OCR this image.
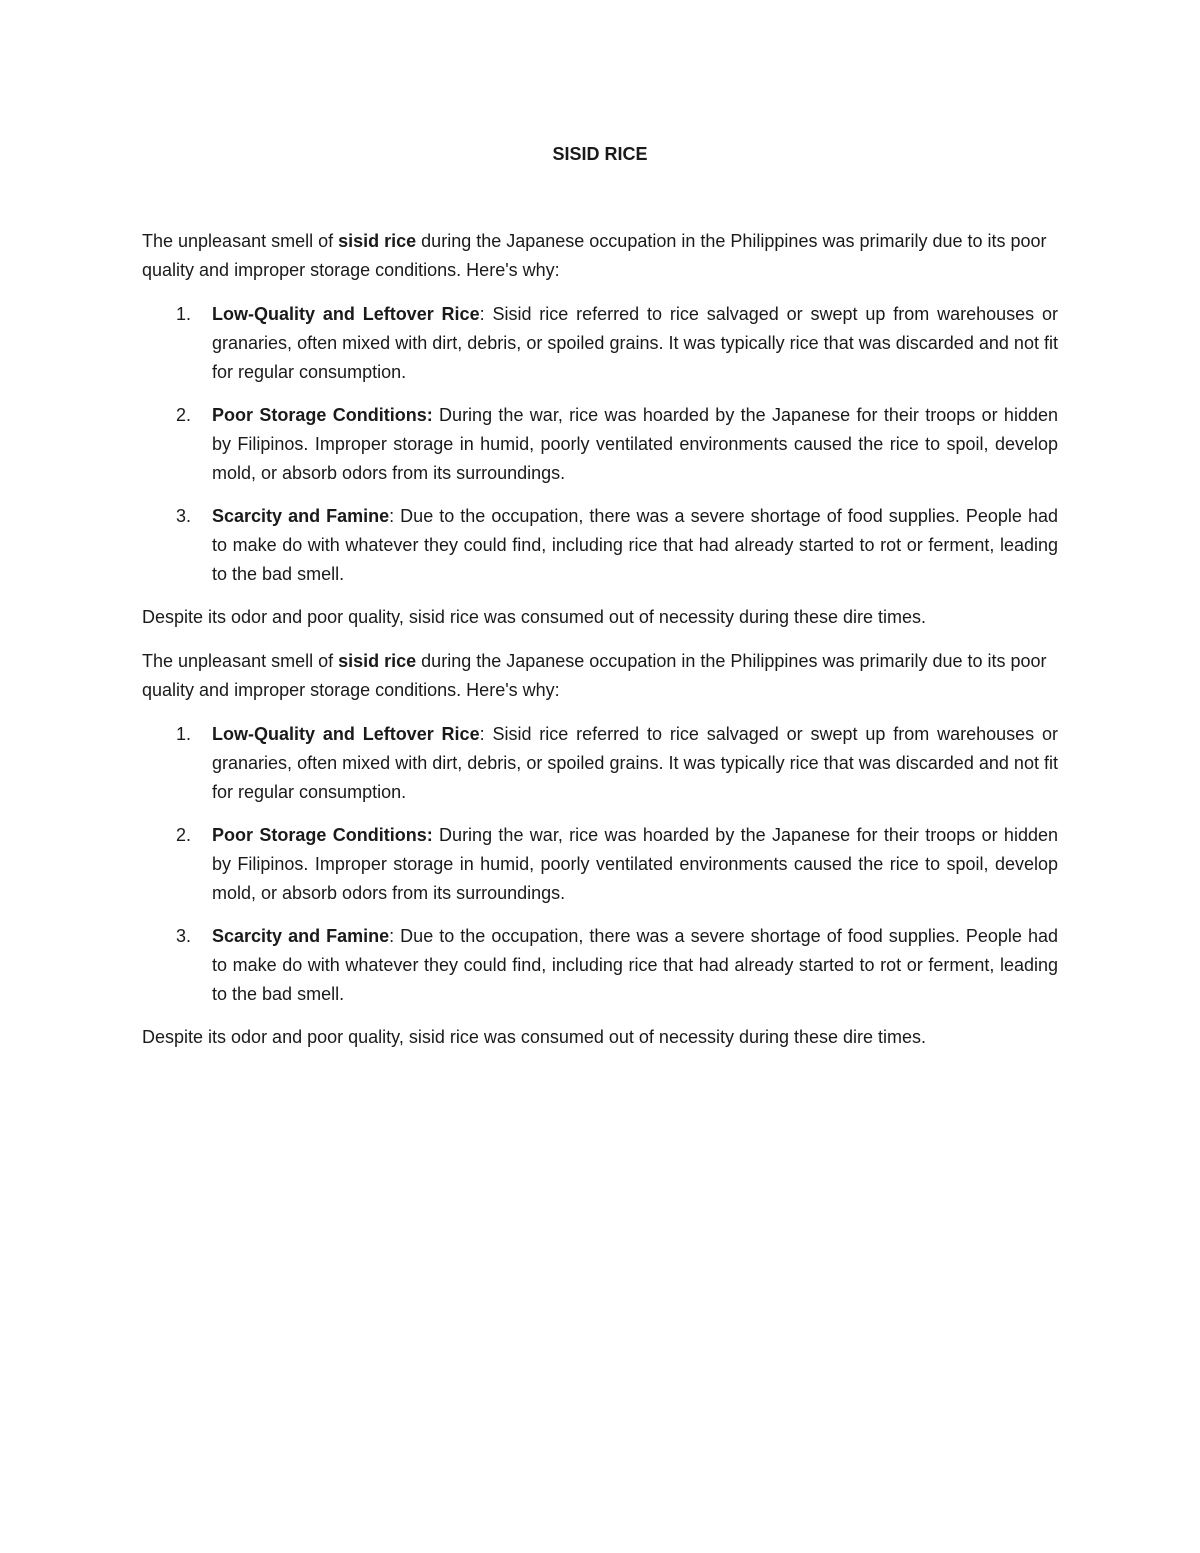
SISID RICE

The unpleasant smell of sisid rice during the Japanese occupation in the Philippines was primarily due to its poor quality and improper storage conditions. Here's why:

1. Low-Quality and Leftover Rice: Sisid rice referred to rice salvaged or swept up from warehouses or granaries, often mixed with dirt, debris, or spoiled grains. It was typically rice that was discarded and not fit for regular consumption.
2. Poor Storage Conditions: During the war, rice was hoarded by the Japanese for their troops or hidden by Filipinos. Improper storage in humid, poorly ventilated environments caused the rice to spoil, develop mold, or absorb odors from its surroundings.
3. Scarcity and Famine: Due to the occupation, there was a severe shortage of food supplies. People had to make do with whatever they could find, including rice that had already started to rot or ferment, leading to the bad smell.

Despite its odor and poor quality, sisid rice was consumed out of necessity during these dire times.

The unpleasant smell of sisid rice during the Japanese occupation in the Philippines was primarily due to its poor quality and improper storage conditions. Here's why:

1. Low-Quality and Leftover Rice: Sisid rice referred to rice salvaged or swept up from warehouses or granaries, often mixed with dirt, debris, or spoiled grains. It was typically rice that was discarded and not fit for regular consumption.
2. Poor Storage Conditions: During the war, rice was hoarded by the Japanese for their troops or hidden by Filipinos. Improper storage in humid, poorly ventilated environments caused the rice to spoil, develop mold, or absorb odors from its surroundings.
3. Scarcity and Famine: Due to the occupation, there was a severe shortage of food supplies. People had to make do with whatever they could find, including rice that had already started to rot or ferment, leading to the bad smell.

Despite its odor and poor quality, sisid rice was consumed out of necessity during these dire times.
